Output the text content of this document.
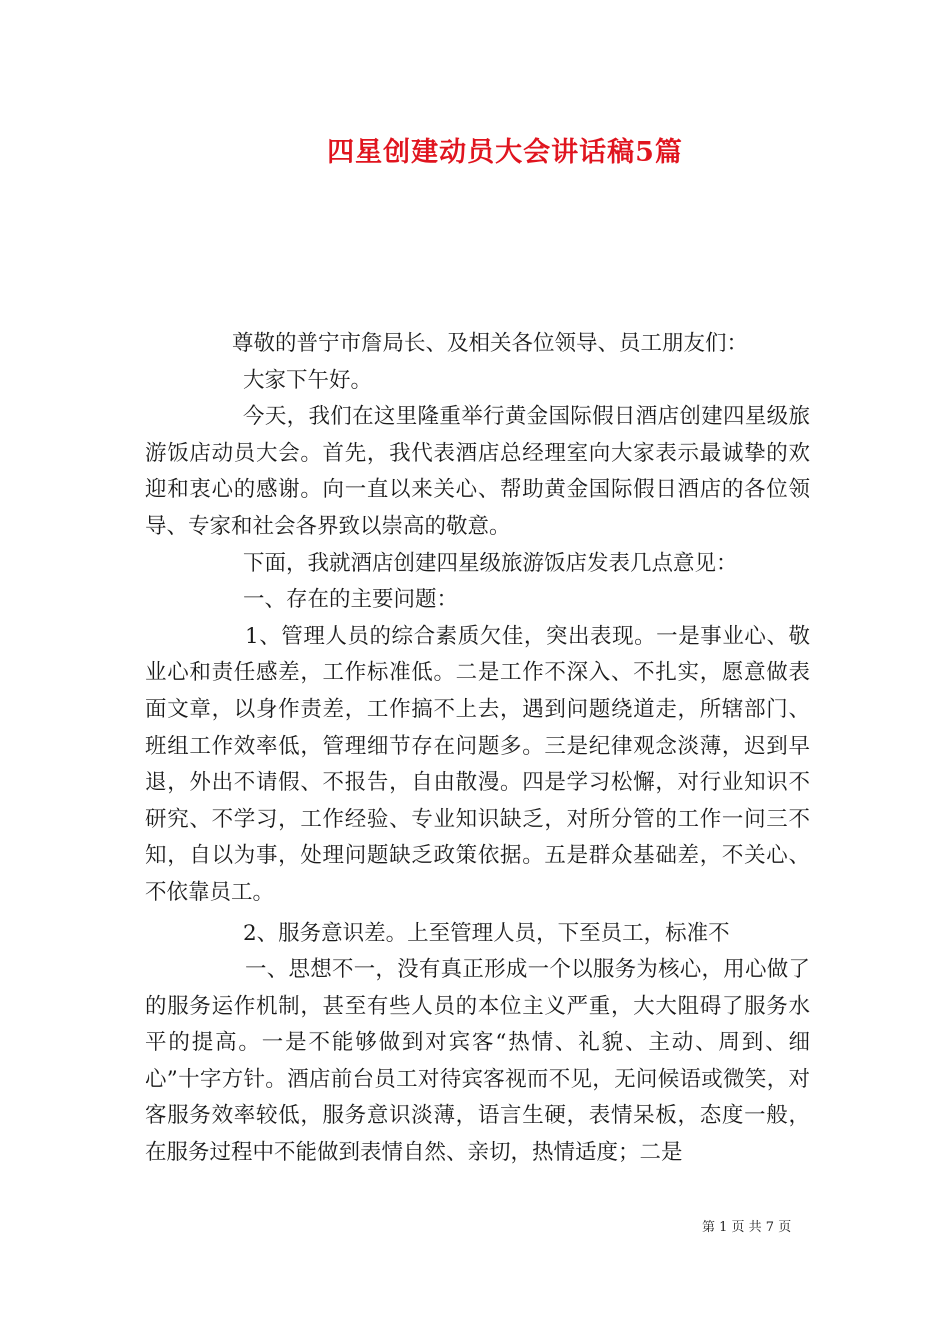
四星创建动员大会讲话稿5篇

尊敬的普宁市詹局长、及相关各位领导、员工朋友们：

大家下午好。

今天，我们在这里隆重举行黄金国际假日酒店创建四星级旅游饭店动员大会。首先，我代表酒店总经理室向大家表示最诚挚的欢迎和衷心的感谢。向一直以来关心、帮助黄金国际假日酒店的各位领导、专家和社会各界致以崇高的敬意。

下面，我就酒店创建四星级旅游饭店发表几点意见：

一、存在的主要问题：

1、管理人员的综合素质欠佳，突出表现。一是事业心、敬业心和责任感差，工作标准低。二是工作不深入、不扎实，愿意做表面文章，以身作责差，工作搞不上去，遇到问题绕道走，所辖部门、班组工作效率低，管理细节存在问题多。三是纪律观念淡薄，迟到早退，外出不请假、不报告，自由散漫。四是学习松懈，对行业知识不研究、不学习，工作经验、专业知识缺乏，对所分管的工作一问三不知，自以为事，处理问题缺乏政策依据。五是群众基础差，不关心、不依靠员工。

2、服务意识差。上至管理人员，下至员工，标准不

一、思想不一，没有真正形成一个以服务为核心，用心做了的服务运作机制，甚至有些人员的本位主义严重，大大阻碍了服务水平的提高。一是不能够做到对宾客“热情、礼貌、主动、周到、细心”十字方针。酒店前台员工对待宾客视而不见，无问候语或微笑，对客服务效率较低，服务意识淡薄，语言生硬，表情呆板，态度一般，在服务过程中不能做到表情自然、亲切，热情适度；二是

第 1 页 共 7 页
